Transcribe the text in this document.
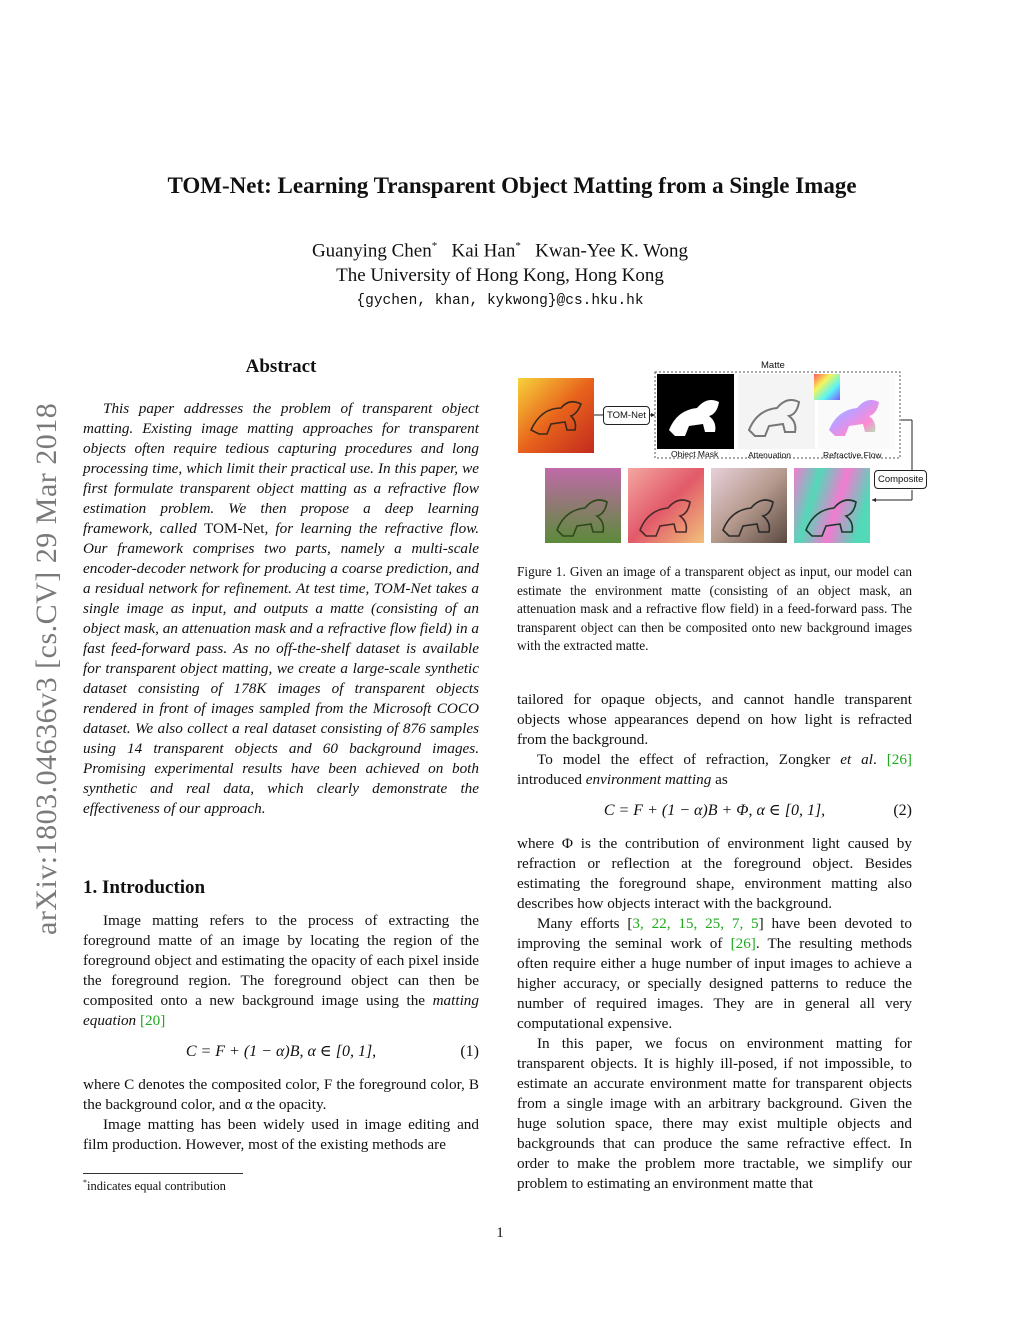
arXiv:1803.04636v3 [cs.CV] 29 Mar 2018
TOM-Net: Learning Transparent Object Matting from a Single Image
Guanying Chen* Kai Han* Kwan-Yee K. Wong
The University of Hong Kong, Hong Kong
{gychen, khan, kykwong}@cs.hku.hk
Abstract
This paper addresses the problem of transparent object matting. Existing image matting approaches for transparent objects often require tedious capturing procedures and long processing time, which limit their practical use. In this paper, we first formulate transparent object matting as a refractive flow estimation problem. We then propose a deep learning framework, called TOM-Net, for learning the refractive flow. Our framework comprises two parts, namely a multi-scale encoder-decoder network for producing a coarse prediction, and a residual network for refinement. At test time, TOM-Net takes a single image as input, and outputs a matte (consisting of an object mask, an attenuation mask and a refractive flow field) in a fast feed-forward pass. As no off-the-shelf dataset is available for transparent object matting, we create a large-scale synthetic dataset consisting of 178K images of transparent objects rendered in front of images sampled from the Microsoft COCO dataset. We also collect a real dataset consisting of 876 samples using 14 transparent objects and 60 background images. Promising experimental results have been achieved on both synthetic and real data, which clearly demonstrate the effectiveness of our approach.
1. Introduction

Image matting refers to the process of extracting the foreground matte of an image by locating the region of the foreground object and estimating the opacity of each pixel inside the foreground region. The foreground object can then be composited onto a new background image using the matting equation [20]

C = F + (1 − α)B, α ∈ [0, 1],	(1)

where C denotes the composited color, F the foreground color, B the background color, and α the opacity.

Image matting has been widely used in image editing and film production. However, most of the existing methods are

*indicates equal contribution
Matte
TOM-Net
Object Mask	Attenuation	Refractive Flow
Composite
Figure 1. Given an image of a transparent object as input, our model can estimate the environment matte (consisting of an object mask, an attenuation mask and a refractive flow field) in a feed-forward pass. The transparent object can then be composited onto new background images with the extracted matte.

tailored for opaque objects, and cannot handle transparent objects whose appearances depend on how light is refracted from the background.

To model the effect of refraction, Zongker et al. [26] introduced environment matting as

C = F + (1 − α)B + Φ, α ∈ [0, 1],	(2)

where Φ is the contribution of environment light caused by refraction or reflection at the foreground object. Besides estimating the foreground shape, environment matting also describes how objects interact with the background.

Many efforts [3, 22, 15, 25, 7, 5] have been devoted to improving the seminal work of [26]. The resulting methods often require either a huge number of input images to achieve a higher accuracy, or specially designed patterns to reduce the number of required images. They are in general all very computational expensive.

In this paper, we focus on environment matting for transparent objects. It is highly ill-posed, if not impossible, to estimate an accurate environment matte for transparent objects from a single image with an arbitrary background. Given the huge solution space, there may exist multiple objects and backgrounds that can produce the same refractive effect. In order to make the problem more tractable, we simplify our problem to estimating an environment matte that

1
